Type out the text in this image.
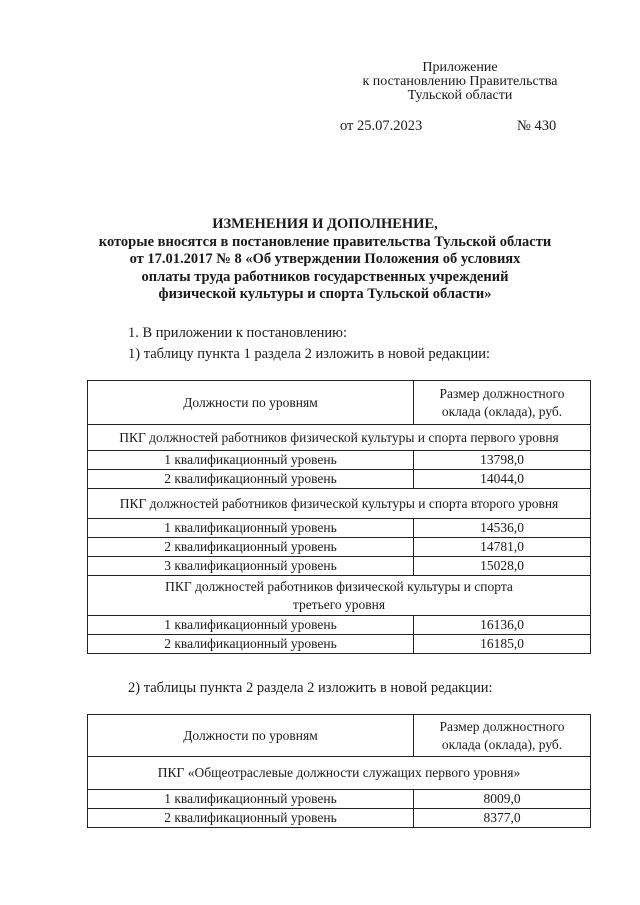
Приложение
к постановлению Правительства
Тульской области
от 25.07.2023	№ 430
ИЗМЕНЕНИЯ И ДОПОЛНЕНИЕ,
которые вносятся в постановление правительства Тульской области
от 17.01.2017 № 8 «Об утверждении Положения об условиях
оплаты труда работников государственных учреждений
физической культуры и спорта Тульской области»
1. В приложении к постановлению:
1) таблицу пункта 1 раздела 2 изложить в новой редакции:
Должности по уровням	Размер должностного
оклада (оклада), руб.

ПКГ должностей работников физической культуры и спорта первого уровня	
1 квалификационный уровень	13798,0
2 квалификационный уровень	14044,0
ПКГ должностей работников физической культуры и спорта второго уровня	
1 квалификационный уровень	14536,0
2 квалификационный уровень	14781,0
3 квалификационный уровень	15028,0

ПКГ должностей работников физической культуры и спорта
третьего уровня	

1 квалификационный уровень	16136,0
2 квалификационный уровень	16185,0
2) таблицы пункта 2 раздела 2 изложить в новой редакции:
Должности по уровням	Размер должностного
оклада (оклада), руб.

ПКГ «Общеотраслевые должности служащих первого уровня»	
1 квалификационный уровень	8009,0
2 квалификационный уровень	8377,0
